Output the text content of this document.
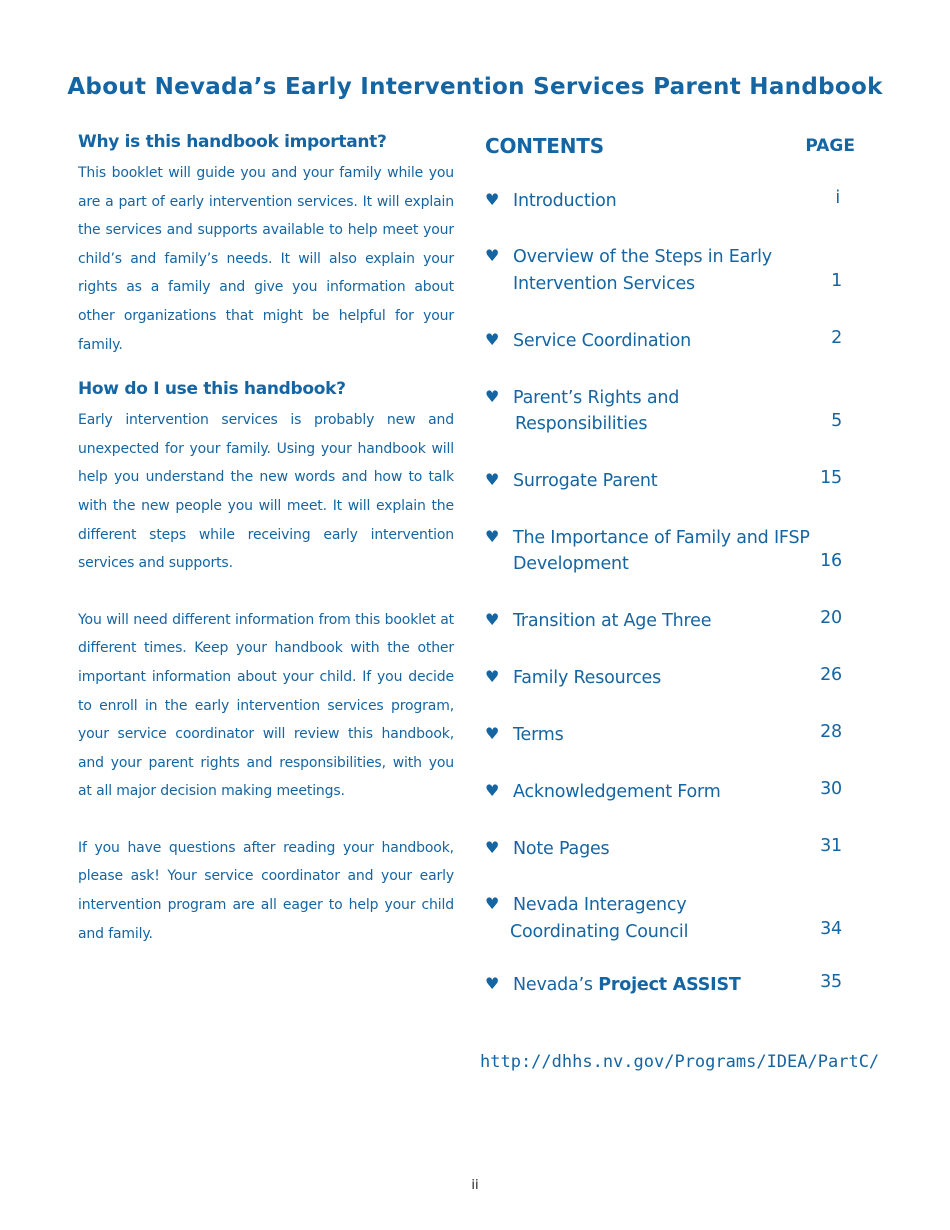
About Nevada’s Early Intervention Services Parent Handbook
Why is this handbook important?

This booklet will guide you and your family while you are a part of early intervention services. It will explain the services and supports available to help meet your child’s and family’s needs. It will also explain your rights as a family and give you information about other organizations that might be helpful for your family.

How do I use this handbook?

Early intervention services is probably new and unexpected for your family. Using your handbook will help you understand the new words and how to talk with the new people you will meet. It will explain the different steps while receiving early intervention services and supports.

You will need different information from this booklet at different times. Keep your handbook with the other important information about your child. If you decide to enroll in the early intervention services program, your service coordinator will review this handbook, and your parent rights and responsibilities, with you at all major decision making meetings.

If you have questions after reading your handbook, please ask! Your service coordinator and your early intervention program are all eager to help your child and family.

CONTENTS	PAGE
♥ Introduction	i
♥ Overview of the Steps in Early
Intervention Services	1
♥ Service Coordination	2
♥ Parent’s Rights and
Responsibilities	5
♥ Surrogate Parent	15
♥ The Importance of Family and IFSP
Development	16
♥ Transition at Age Three	20
♥ Family Resources	26
♥ Terms	28
♥ Acknowledgement Form	30
♥ Note Pages	31
♥ Nevada Interagency
Coordinating Council	34
♥ Nevada’s Project ASSIST	35
http://dhhs.nv.gov/Programs/IDEA/PartC/
ii
